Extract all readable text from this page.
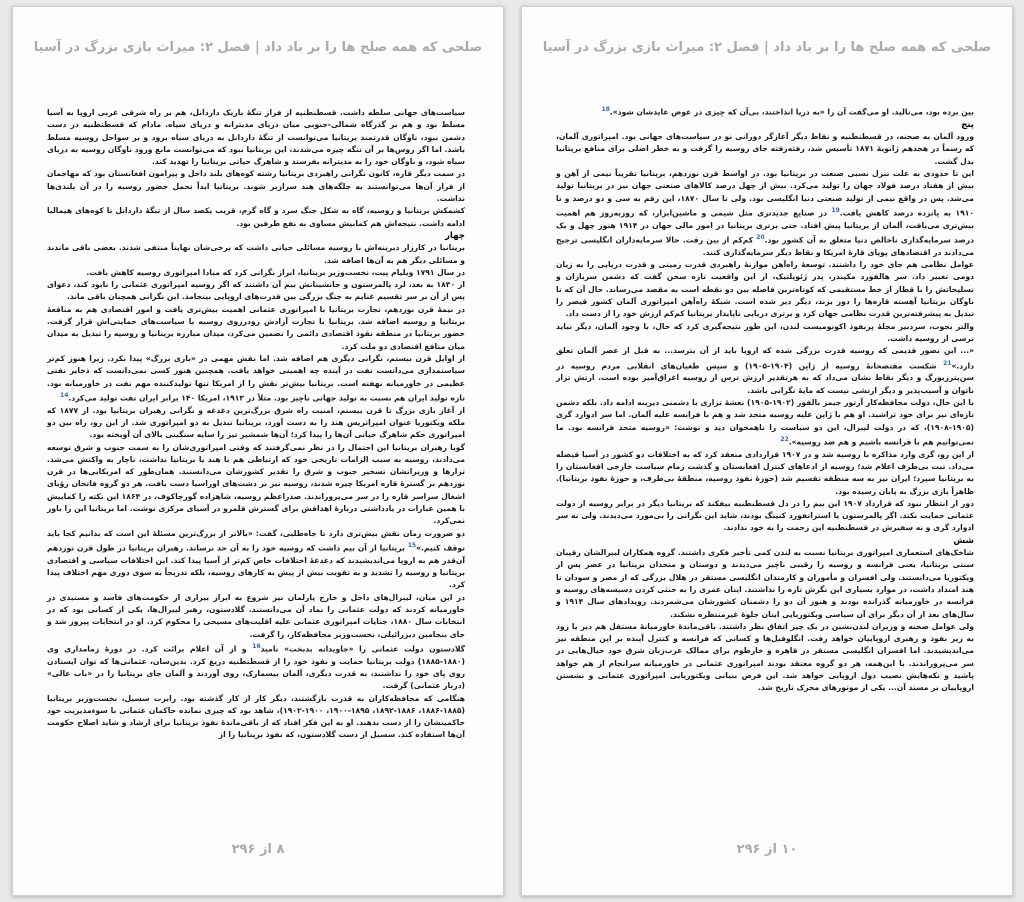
صلحی که همه صلح ها را بر باد داد | فصل ۲: میراث بازی بزرگ در آسیا

سیاست‌های جهانی سلطه داشت. قسطنطنیه از فراز تنگهٔ باریک داردانل، هم بر راه شرقی غربی اروپا به آسیا مسلط بود و هم بر گذرگاه شمالی-جنوبی میان دریای مدیترانه و دریای سیاه. مادام که قسطنطنیه در دست دشمن نبود، ناوگان قدرتمند بریتانیا می‌توانست از تنگهٔ داردانل به دریای سیاه برود و بر سواحل روسیه مسلط باشد. اما اگر روس‌ها بر آن تنگه چیره می‌شدند، این بریتانیا نبود که می‌توانست مانع ورود ناوگان روسیه به دریای سیاه شود، و ناوگان خود را به مدیترانه بفرستد و شاهرگ حیاتی بریتانیا را تهدید کند.

در سمت دیگر قاره، کانون نگرانی راهبردی بریتانیا رشته کوه‌های بلند داخل و پیرامون افغانستان بود که مهاجمان از فراز آن‌ها می‌توانستند به جلگه‌های هند سرازیر شوند. بریتانیا ابداً تحمل حضور روسیه را در آن بلندی‌ها نداشت.

کشمکش بریتانیا و روسیه، گاه به شکل جنگ سرد و گاه گرم، قریب یکصد سال از تنگهٔ داردانل تا کوه‌های هیمالیا ادامه داشت. نتیجه‌اش هم کمابیش مساوی به نفع طرفین بود.

چهار

بریتانیا در کارزار دیرینه‌اش با روسیه مسائلی حیاتی داشت که برخی‌شان نهایتاً منتفی شدند. بعضی باقی ماندند و مسائلی دیگر هم به آن‌ها اضافه شد.

در سال ۱۷۹۱ ویلیام پیت، نخست‌وزیر بریتانیا، ابراز نگرانی کرد که مبادا امپراتوری روسیه کاهش یافت.

از ۱۸۳۰ به بعد، لرد پالمرستون و جانشینانش بیم آن داشتند که اگر روسیه امپراتوری عثمانی را نابود کند، دعوای پس از آن بر سر تقسیم غنایم به جنگ بزرگی بین قدرت‌های اروپایی بینجامد. این نگرانی همچنان باقی ماند.

در نیمهٔ قرن نوزدهم، تجارت بریتانیا با امپراتوری عثمانی اهمیت بیش‌تری یافت و امور اقتصادی هم به منافعهٔ بریتانیا و روسیه اضافه شد. بریتانیا با تجارت آزادش رودرروی روسیه با سیاست‌های حمایتی‌اش قرار گرفت. حضور بریتانیا در منطقه نفوذ اقتصادی دائمی را تضمین می‌کرد، میدان مبارزه بریتانیا و روسیه را تبدیل به میدان میان منافع اقتصادی دو ملت کرد.

از اوایل قرن بیستم، نگرانی دیگری هم اضافه شد. اما نقش مهمی در «بازی بزرگ» پیدا نکرد. زیرا هنوز کم‌تر سیاستمداری می‌دانست نفت در آینده چه اهمیتی خواهد یافت. همچنین هنوز کسی نمی‌دانست که ذخایر نفتی عظیمی در خاورمیانه نهفته است. بریتانیا بیش‌تر نقش را از امریکا تنها تولیدکننده مهم نفت در خاورمیانه بود. تازه تولید ایران هم نسبت به تولید جهانی ناچیز بود. مثلاً در ۱۹۱۳، امریکا ۱۴۰ برابر ایران نفت تولید می‌کرد.$^{14}$

از آغاز بازی بزرگ تا قرن بیستم، امنیت راه شرق بزرگ‌ترین دغدغه و نگرانی رهبران بریتانیا بود. از ۱۸۷۷ که ملکه ویکتوریا عنوان امپراتریس هند را به دست آورد، بریتانیا تبدیل به دو امپراتوری شد. از این رو، راه بین دو امپراتوری حکم شاهرگ حیاتی آن‌ها را پیدا کرد؛ آن‌ها شمشیر تیز را سایه سنگینی بالای آن آویخته بود.

گویا رهبران بریتانیا این احتمال را در نظر نمی‌گرفتند که وقتی امپراتوری‌شان را به سمت جنوب و شرق توسعه می‌دادند، روسیه به سبب الزامات تاریخی خود که ارتباطی هم با هند یا بریتانیا نداشت، ناچار به واکنش می‌شد. تزارها و وزیرانشان تسخیر جنوب و شرق را تقدیر کشورشان می‌دانستند. همان‌طور که امریکایی‌ها در قرن نوزدهم بر گسترهٔ قاره امریکا چیره شدند، روسیه نیز بر دشت‌های اوراسیا دست یافت. هر دو گروه فاتحان رؤیای اشغال سراسر قاره را در سر می‌پروراندند. صدراعظم روسیه، شاهزاده گورچاکوف، در ۱۸۶۴ این نکته را کمابیش با همین عبارات در یادداشتی دربارهٔ اهدافش برای گسترش قلمرو در آسیای مرکزی نوشت. اما بریتانیا این را باور نمی‌کرد.

دو ضرورت زمان نقش بیش‌تری دارد تا جاه‌طلبی، گفت: «بالاتر از بزرگ‌ترین مسئلهٔ این است که بدانیم کجا باید توقف کنیم.»$^{15}$ بریتانیا از آن بیم داشت که روسیه خود را به آن حد نرساند. رهبران بریتانیا در طول قرن نوزدهم آن‌قدر هم به اروپا می‌اندیشیدند که دغدغهٔ اختلافات خاص کم‌تر از آسیا پیدا کند. این اختلافات سیاسی و اقتصادی بریتانیا و روسیه را تشدید و به تقویت بیش از پیش به کارهای روسیه، بلکه تدریجاً به سوی دوری مهم اختلاف پیدا کرد.

در این میان، لیبرال‌های داخل و خارج پارلمان نیز شروع به ابراز بیزاری از حکومت‌های فاسد و مستبدی در خاورمیانه کردند که دولت عثمانی را نماد آن می‌دانستند. گلادستون، رهبر لیبرال‌ها، یکی از کسانی بود که در انتخابات سال ۱۸۸۰، جنایات امپراتوری عثمانی علیه اقلیت‌های مسیحی را محکوم کرد. او در انتخابات پیروز شد و جای بنجامین دیزرائیلی، نخست‌وزیر محافظه‌کار، را گرفت.

گلادستون دولت عثمانی را «جاویدانه بدبخت» نامید$^{16}$ و از آن اعلام برائت کرد. در دورهٔ زمامداری وی (۱۸۸۰-۱۸۸۵) دولت بریتانیا حمایت و نفوذ خود را از قسطنطنیه دریغ کرد. بدین‌سان، عثمانی‌ها که توان ایستادن روی پای خود را نداشتند، به قدرت دیگری، آلمان بیسمارک، روی آوردند و آلمان جای بریتانیا را در «باب عالی» (دربار عثمانی) گرفت.

هنگامی که محافظه‌کاران به قدرت بازگشتند، دیگر کار از کار گذشته بود. رابرت سسیل، نخست‌وزیر بریتانیا (۱۸۸۵-۱۸۸۶، ۱۸۸۶-۱۸۹۲، ۱۸۹۵-۱۹۰۰، ۱۹۰۰-۱۹۰۲)، شاهد بود که چیزی نمانده حاکمان عثمانی با سوءمدیریت خود حاکمیتشان را از دست بدهند. او به این فکر افتاد که از باقی‌ماندهٔ نفوذ بریتانیا برای ارشاد و شاید اصلاح حکومت آن‌ها استفاده کند. سسیل از دست گلادستون، که نفوذ بریتانیا را از

۸ از ۲۹۶
صلحی که همه صلح ها را بر باد داد | فصل ۲: میراث بازی بزرگ در آسیا

بین برده بود، می‌نالید. او می‌گفت آن را «به دریا انداختند، بی‌آن که چیزی در عوض عایدشان شود».$^{18}$

پنج

ورود آلمان به صحنه، در قسطنطنیه و نقاط دیگر آغازگر دورانی نو در سیاست‌های جهانی بود. امپراتوری آلمان، که رسماً در هجدهم ژانویهٔ ۱۸۷۱ تأسیس شد، رفته‌رفته جای روسیه را گرفت و به خطر اصلی برای منافع بریتانیا بدل گشت.

این تا حدودی به علت تنزل نسبی صنعت در بریتانیا بود. در اواسط قرن نوزدهم، بریتانیا تقریباً نیمی از آهن و بیش از هفتاد درصد فولاد جهان را تولید می‌کرد. بیش از چهل درصد کالاهای صنعتی جهان نیز در بریتانیا تولید می‌شد. پس در واقع نیمی از تولید صنعتی دنیا انگلیسی بود. ولی تا سال ۱۸۷۰، این رقم به سی و دو درصد و تا ۱۹۱۰ به پانزده درصد کاهش یافت.$^{19}$ در صنایع جدیدتری مثل شیمی و ماشین‌ابزار، که روزبه‌روز هم اهمیت بیش‌تری می‌یافت، آلمان از بریتانیا پیش افتاد. حتی برتری بریتانیا در امور مالی جهان در ۱۹۱۴ هنوز چهل و یک درصد سرمایه‌گذاری ناخالص دنیا متعلق به آن کشور بود.$^{20}$ کم‌کم از بین رفت. حالا سرمایه‌داران انگلیسی ترجیح می‌دادند در اقتصادهای پویای قارهٔ امریکا و نقاط دیگر سرمایه‌گذاری کنند.

عوامل نظامی هم جای خود را داشتند. توسعهٔ راه‌آهن موازنهٔ راهبردی قدرت زمینی و قدرت دریایی را به زیان دومی تغییر داد. سر هالفورد مکیندر، پدر ژئوپلتیک، از این واقعیت تازه سخن گفت که دشمن سربازان و تسلیحاتش را با قطار از خط مستقیمی که کوتاه‌ترین فاصله بین دو نقطه است به مقصد می‌رساند. حال آن که تا ناوگان بریتانیا آهسته قاره‌ها را دور بزند، دیگر دیر شده است. شبکهٔ راه‌آهن امپراتوری آلمان کشور قیصر را تبدیل به پیشرفته‌ترین قدرت نظامی جهان کرد و برتری دریایی ناپایدار بریتانیا کم‌کم ارزش خود را از دست داد.

والتر بجوت، سردبیر مجلهٔ پرنفوذ اکونومیست لندن، این طور نتیجه‌گیری کرد که حال، با وجود آلمان، دیگر نباید ترسی از روسیه داشت.

«... این تصور قدیمی که روسیه قدرت بزرگی شده که اروپا باید از آن بترسد... به قبل از عصر آلمان تعلق دارد.»$^{21}$ شکست مفتضحانهٔ روسیه از ژاپن (۱۹۰۴-۱۹۰۵) و سپس طغیان‌های انقلابی مردم روسیه در سن‌پترزبورگ و دیگر نقاط نشان می‌داد که به هرتقدیر ارزش ترس از روسیه اغراق‌آمیز بوده است. ارتش تزار ناتوان و آسیب‌پذیر و دیگر ارتشی نیست که مایهٔ نگرانی باشد.

با این حال، دولت محافظه‌کار آرتور جیمز بالفور (۱۹۰۲-۱۹۰۵) نعشهٔ تزاری با دشمنی دیرینه ادامه داد. بلکه دشمن تازه‌ای نیز برای خود تراشید. او هم با ژاپن علیه روسیه متحد شد و هم با فرانسه علیه آلمان. اما سر ادوارد گری (۱۹۰۵-۱۹۰۸)، که در دولت لیبرال، این دو سیاست را ناهمخوان دید و نوشت: «روسیه متحد فرانسه بود. ما نمی‌توانیم هم با فرانسه باشیم و هم ضد روسیه».$^{22}$

از این رو، گری وارد مذاکره با روسیه شد و در ۱۹۰۷ قراردادی منعقد کرد که به اختلافات دو کشور در آسیا فیصله می‌داد. تبت بی‌طرف اعلام شد؛ روسیه از ادعاهای کنترل افغانستان و گذشت زمام سیاست خارجی افغانستان را به بریتانیا سپرد؛ ایران نیز به سه منطقه تقسیم شد (حوزهٔ نفوذ روسیه، منطقهٔ بی‌طرف، و حوزهٔ نفوذ بریتانیا). ظاهراً بازی بزرگ به پایان رسیده بود.

دور از انتظار نبود که قرارداد ۱۹۰۷ این بیم را در دل قسطنطنیه بیفکند که بریتانیا دیگر در برابر روسیه از دولت عثمانی حمایت نکند. اگر پالمرستون یا استراتفورد کنینگ بودند، شاید این نگرانی را بی‌مورد می‌دیدند. ولی نه سر ادوارد گری و نه سفیرش در قسطنطنیه این زحمت را به خود ندادند.

شش

شاخک‌های استعماری امپراتوری بریتانیا نسبت به لندن کمی تأخیر فکری داشتند. گروه همکاران لیبرالشان رقیبان سنتی بریتانیا، یعنی فرانسه و روسیه را رقیبی ناچیز می‌دیدند و دوستان و متحدان بریتانیا در عصر پس از ویکتوریا می‌دانستند. ولی افسران و مأموران و کارمندان انگلیسی مستقر در هلال بزرگی که از مصر و سودان تا هند امتداد داشت، در موارد بسیاری این نگرش تازه را نداشتند. اینان عمری را به خنثی کردن دسیسه‌های روسیه و فرانسه در خاورمیانه گذرانده بودند و هنوز آن دو را دشمنان کشورشان می‌شمردند. رویدادهای سال ۱۹۱۴ و سال‌های بعد از آن دیگر برای آن سیاسی ویکتوریایی اینان جلوهٔ غیرمنتظره نشکند.

ولی عوامل صحنه و وزیران لندن‌نشین در یک چیز اتفاق نظر داشتند. باقی‌ماندهٔ خاورمیانهٔ مستقل هم دیر یا زود به زیر نفوذ و رهبری اروپاییان خواهد رفت. انگلوفیل‌ها و کسانی که فرانسه و کنترل آینده بر این منطقه نیز می‌اندیشیدند. اما افسران انگلیسی مستقر در قاهره و خارطوم برای ممالک عرب‌زبان شرق خود خیال‌هایی در سر می‌پروراندند. با این‌همه، هر دو گروه معتقد بودند امپراتوری عثمانی در خاورمیانه سرانجام از هم خواهد پاشید و تکه‌هایش نصیب دول اروپایی خواهد شد. این فرض بنیانی ویکتوریایی امپراتوری عثمانی و نشستن اروپاییان بر مسند آن... یکی از موتورهای محرک تاریخ شد.

۱۰ از ۲۹۶
